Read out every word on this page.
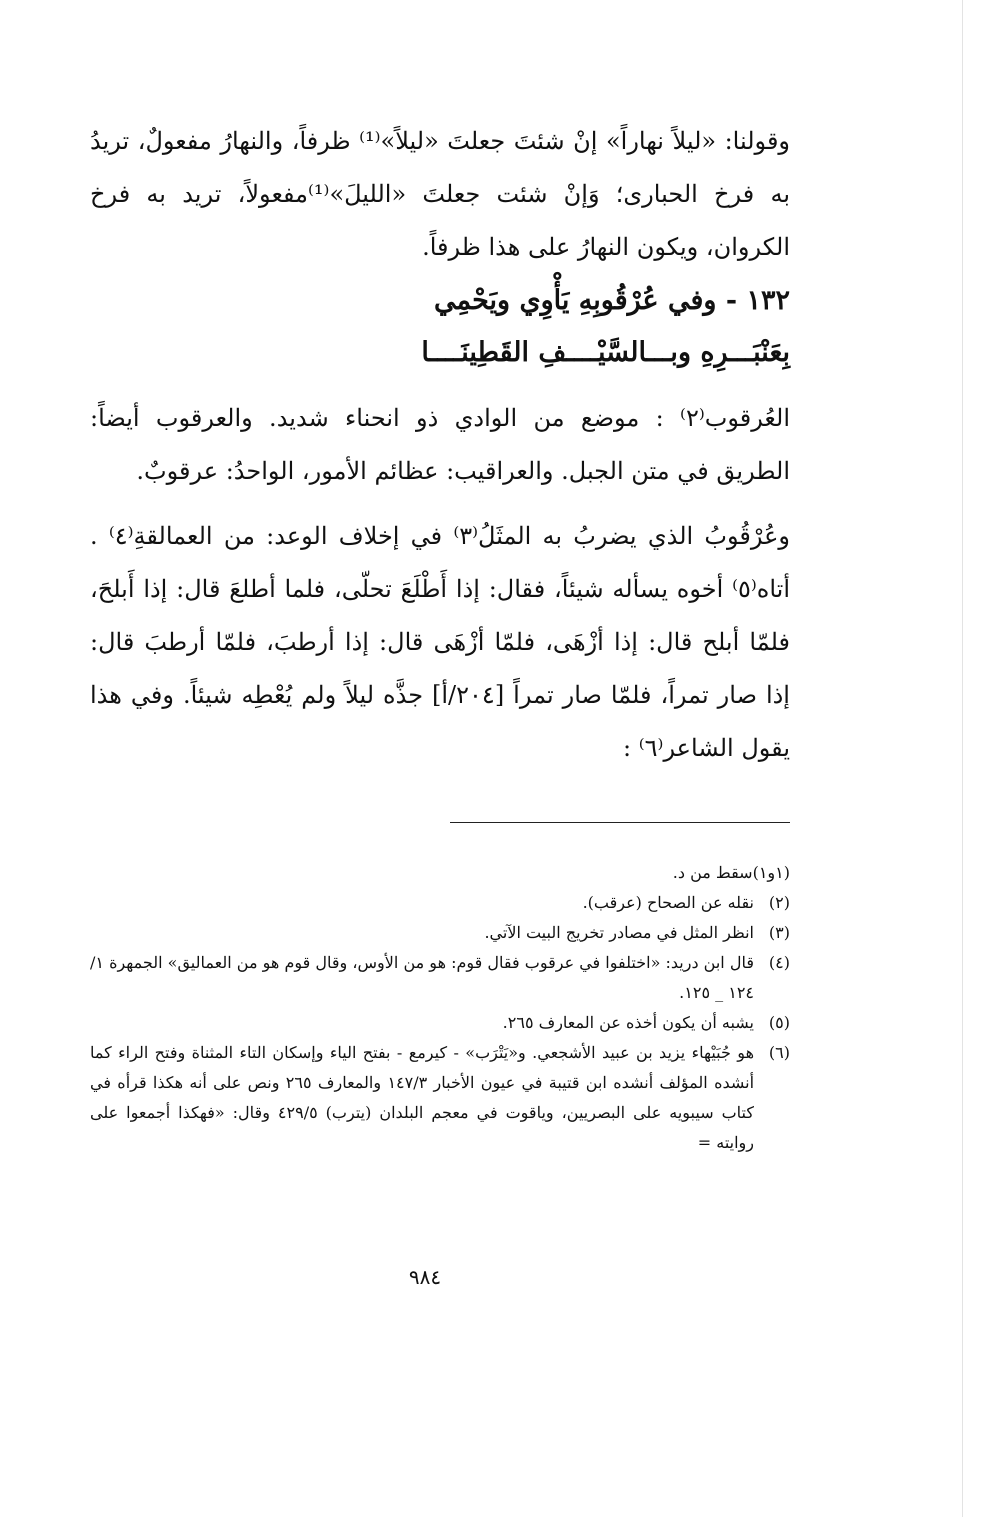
وقولنا: «ليلاً نهاراً» إنْ شئتَ جعلتَ «ليلاً»⁽¹⁾ ظرفاً، والنهارُ مفعولٌ، تريدُ به فرخ الحبارى؛ وَإنْ شئت جعلتَ «الليلَ»⁽¹⁾مفعولاً، تريد به فرخ الكروان، ويكون النهارُ على هذا ظرفاً.

١٣٢ - وفي عُرْقُوبِهِ يَأْوِي ويَحْمِي
بِعَنْبَـــرِهِ وبـــالسَّيْــــفِ القَطِينَــــا

العُرقوب⁽٢⁾ : موضع من الوادي ذو انحناء شديد. والعرقوب أيضاً: الطريق في متن الجبل. والعراقيب: عظائم الأمور، الواحدُ: عرقوبٌ.

وعُرْقُوبُ الذي يضربُ به المثَلُ⁽٣⁾ في إخلاف الوعد: من العمالقةِ⁽٤⁾ . أتاه⁽٥⁾ أخوه يسأله شيئاً، فقال: إذا أَطْلَعَ تحلّى، فلما أطلعَ قال: إذا أَبلحَ، فلمّا أبلح قال: إذا أزْهَى، فلمّا أزْهَى قال: إذا أرطبَ، فلمّا أرطبَ قال: إذا صار تمراً، فلمّا صار تمراً [٢٠٤/أ] جذَّه ليلاً ولم يُعْطِه شيئاً. وفي هذا يقول الشاعر⁽٦⁾ :

(١و١)سقط من د.
(٢)
نقله عن الصحاح (عرقب).
(٣)
انظر المثل في مصادر تخريج البيت الآتي.
(٤)
قال ابن دريد: «اختلفوا في عرقوب فقال قوم: هو من الأوس، وقال قوم هو من العماليق» الجمهرة ١/ ١٢٤ _ ١٢٥.
(٥)
يشبه أن يكون أخذه عن المعارف ٢٦٥.
(٦)
هو جُبَيْهاء يزيد بن عبيد الأشجعي. و«يَتْرَب» - كيرمع - بفتح الياء وإسكان التاء المثناة وفتح الراء كما أنشده المؤلف أنشده ابن قتيبة في عيون الأخبار ١٤٧/٣ والمعارف ٢٦٥ ونص على أنه هكذا قرأه في كتاب سيبويه على البصريين، وياقوت في معجم البلدان (يترب) ٤٢٩/٥ وقال: «فهكذا أجمعوا على روايته =
٩٨٤
